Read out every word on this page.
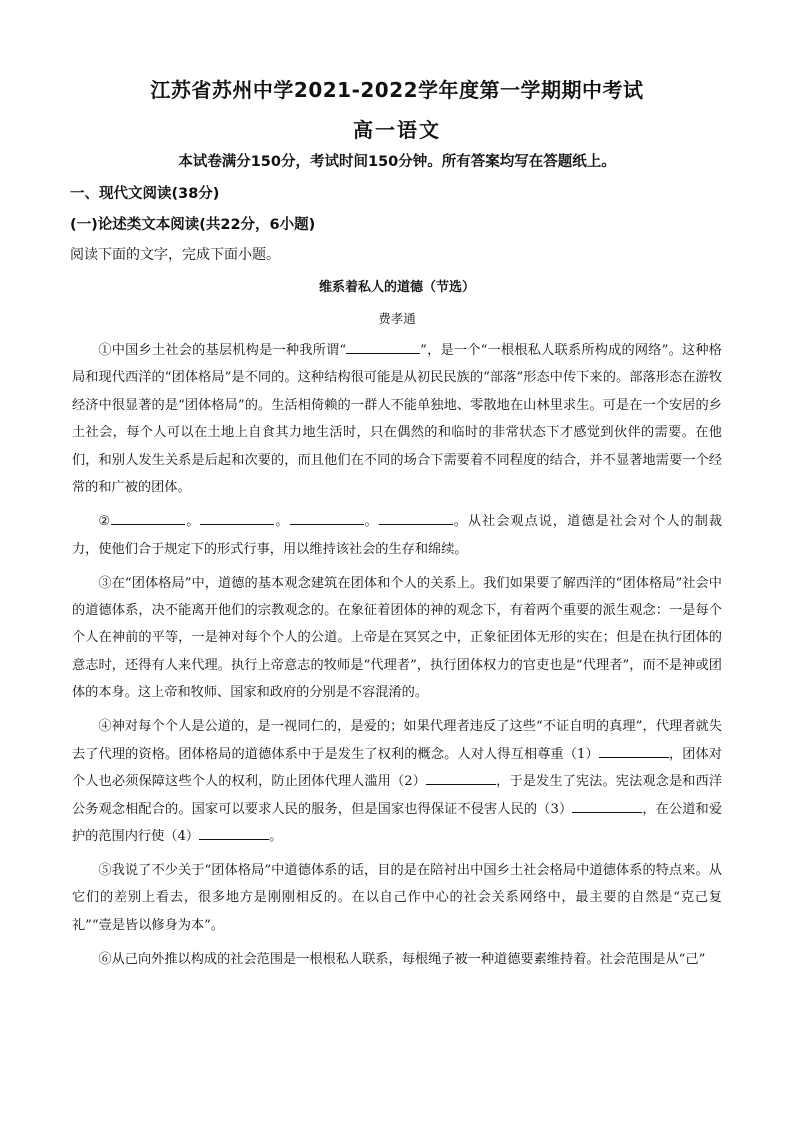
江苏省苏州中学2021-2022学年度第一学期期中考试
高一语文
本试卷满分150分，考试时间150分钟。所有答案均写在答题纸上。
一、现代文阅读(38分)
(一)论述类文本阅读(共22分，6小题)
阅读下面的文字，完成下面小题。
维系着私人的道德（节选）
费孝通

①中国乡土社会的基层机构是一种我所谓“	”，是一个“一根根私人联系所构成的网络”。这种格局和现代西洋的“团体格局”是不同的。这种结构很可能是从初民民族的“部落”形态中传下来的。部落形态在游牧经济中很显著的是“团体格局”的。生活相倚赖的一群人不能单独地、零散地在山林里求生。可是在一个安居的乡土社会，每个人可以在土地上自食其力地生活时，只在偶然的和临时的非常状态下才感觉到伙伴的需要。在他们，和别人发生关系是后起和次要的，而且他们在不同的场合下需要着不同程度的结合，并不显著地需要一个经常的和广被的团体。

②	。	。	。	。从社会观点说，道德是社会对个人的制裁力，使他们合于规定下的形式行事，用以维持该社会的生存和绵续。

③在“团体格局”中，道德的基本观念建筑在团体和个人的关系上。我们如果要了解西洋的“团体格局”社会中的道德体系，决不能离开他们的宗教观念的。在象征着团体的神的观念下，有着两个重要的派生观念：一是每个个人在神前的平等，一是神对每个个人的公道。上帝是在冥冥之中，正象征团体无形的实在；但是在执行团体的意志时，还得有人来代理。执行上帝意志的牧师是“代理者”，执行团体权力的官吏也是“代理者”，而不是神或团体的本身。这上帝和牧师、国家和政府的分别是不容混淆的。

④神对每个个人是公道的，是一视同仁的，是爱的；如果代理者违反了这些“不证自明的真理”，代理者就失去了代理的资格。团体格局的道德体系中于是发生了权利的概念。人对人得互相尊重（1）	，团体对个人也必须保障这些个人的权利，防止团体代理人滥用（2）	，于是发生了宪法。宪法观念是和西洋公务观念相配合的。国家可以要求人民的服务，但是国家也得保证不侵害人民的（3）	，在公道和爱护的范围内行使（4）	。

⑤我说了不少关于“团体格局”中道德体系的话，目的是在陪衬出中国乡土社会格局中道德体系的特点来。从它们的差别上看去，很多地方是刚刚相反的。在以自己作中心的社会关系网络中，最主要的自然是“克己复礼”“壹是皆以修身为本”。

⑥从己向外推以构成的社会范围是一根根私人联系，每根绳子被一种道德要素维持着。社会范围是从“己”
